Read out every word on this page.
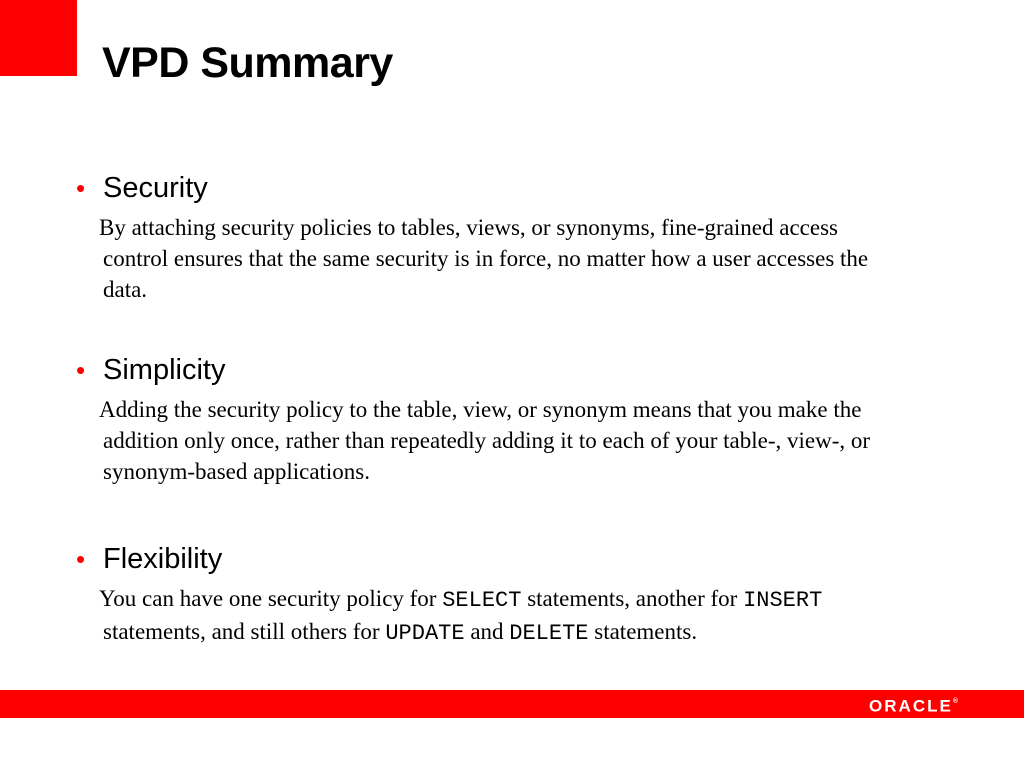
VPD Summary
• Security
By attaching security policies to tables, views, or synonyms, fine-grained access control ensures that the same security is in force, no matter how a user accesses the data.
• Simplicity
Adding the security policy to the table, view, or synonym means that you make the addition only once, rather than repeatedly adding it to each of your table-, view-, or synonym-based applications.
• Flexibility
You can have one security policy for SELECT statements, another for INSERT statements, and still others for UPDATE and DELETE statements.
ORACLE®
